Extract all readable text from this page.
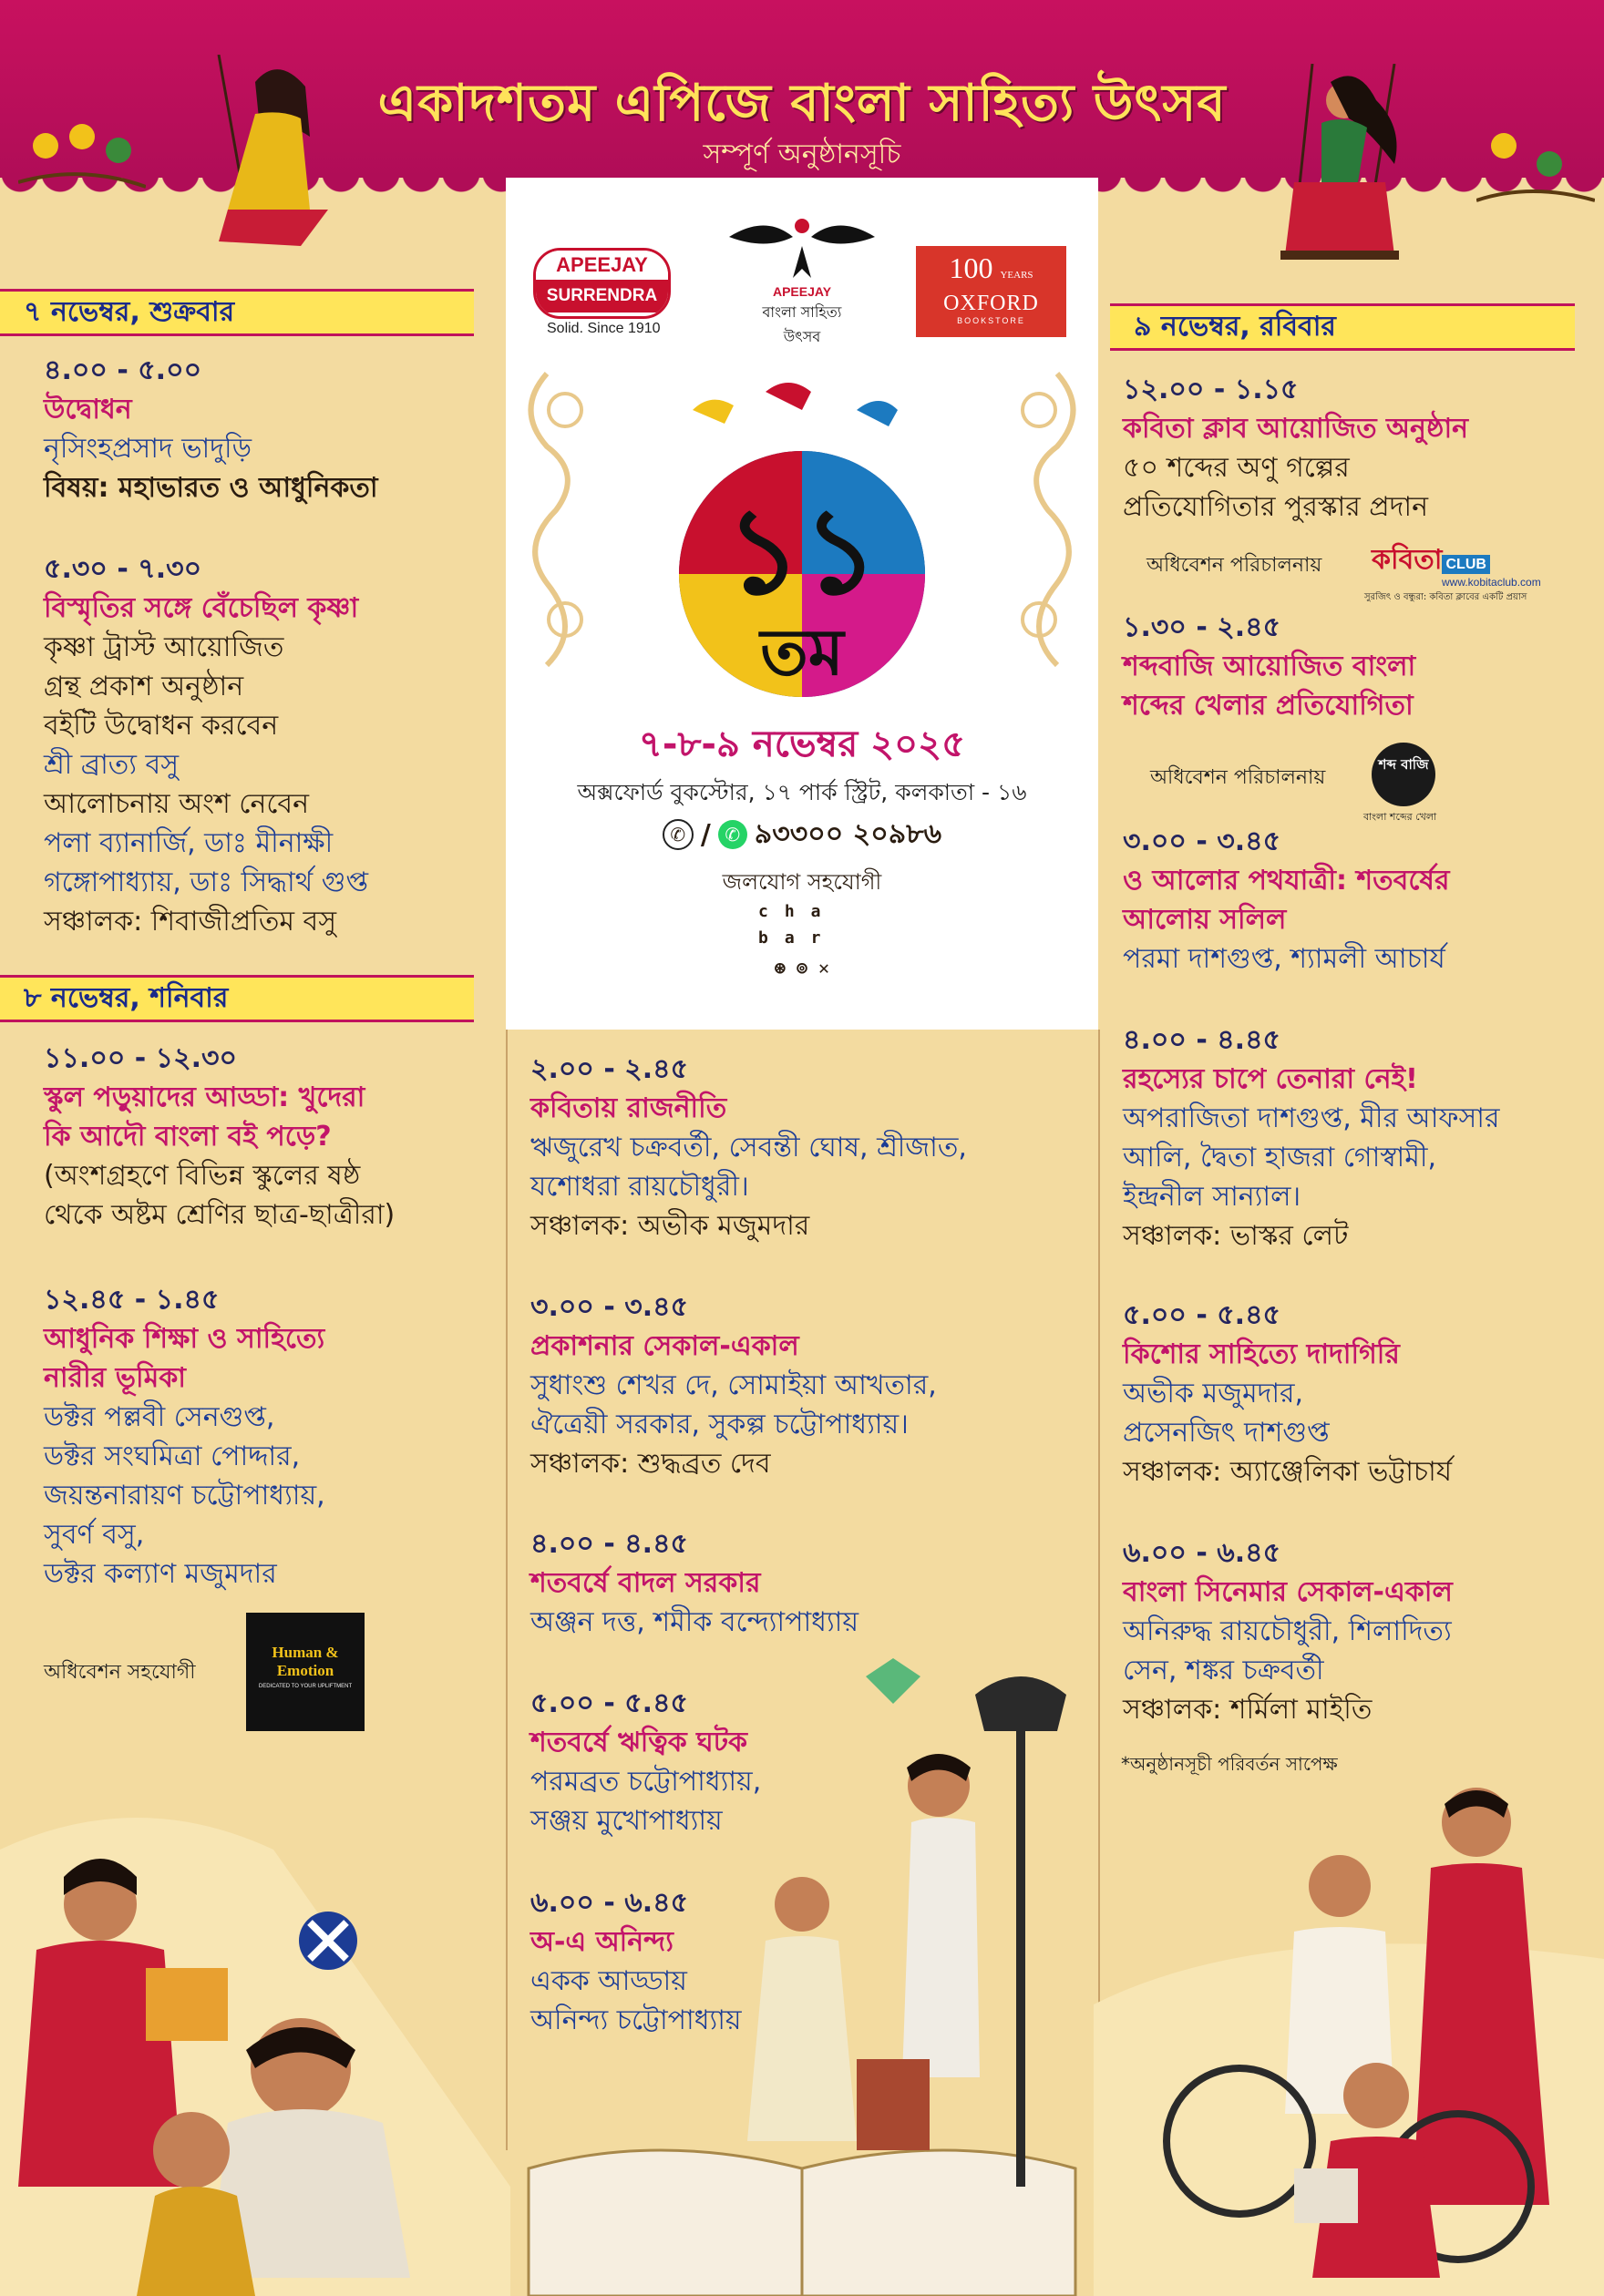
একাদশতম এপিজে বাংলা সাহিত্য উৎসব
সম্পূর্ণ অনুষ্ঠানসূচি
APEEJAY
SURRENDRA
Solid. Since 1910
APEEJAY
বাংলা সাহিত্য উৎসব
100 YEARS
OXFORD
BOOKSTORE
১১
তম
৭-৮-৯ নভেম্বর ২০২৫
অক্সফোর্ড বুকস্টোর, ১৭ পার্ক স্ট্রিট, কলকাতা - ১৬
✆ / ✆ ৯৩৩০০ ২০৯৮৬
জলযোগ সহযোগী
cha
bar
⊛ ⊚ ✕
৭ নভেম্বর, শুক্রবার
৪.০০ - ৫.০০
উদ্বোধন
নৃসিংহপ্রসাদ ভাদুড়ি
বিষয়: মহাভারত ও আধুনিকতা
৫.৩০ - ৭.৩০
বিস্মৃতির সঙ্গে বেঁচেছিল কৃষ্ণা
কৃষ্ণা ট্রাস্ট আয়োজিত
গ্রন্থ প্রকাশ অনুষ্ঠান
বইটি উদ্বোধন করবেন
শ্রী ব্রাত্য বসু
আলোচনায় অংশ নেবেন
পলা ব্যানার্জি, ডাঃ মীনাক্ষী
গঙ্গোপাধ্যায়, ডাঃ সিদ্ধার্থ গুপ্ত
সঞ্চালক: শিবাজীপ্রতিম বসু
৮ নভেম্বর, শনিবার
১১.০০ - ১২.৩০
স্কুল পড়ুয়াদের আড্ডা: খুদেরা
কি আদৌ বাংলা বই পড়ে?
(অংশগ্রহণে বিভিন্ন স্কুলের ষষ্ঠ
থেকে অষ্টম শ্রেণির ছাত্র-ছাত্রীরা)
১২.৪৫ - ১.৪৫
আধুনিক শিক্ষা ও সাহিত্যে
নারীর ভূমিকা
ডক্টর পল্লবী সেনগুপ্ত,
ডক্টর সংঘমিত্রা পোদ্দার,
জয়ন্তনারায়ণ চট্টোপাধ্যায়,
সুবর্ণ বসু,
ডক্টর কল্যাণ মজুমদার
অধিবেশন সহযোগী
Human &
Emotion
DEDICATED TO YOUR UPLIFTMENT
২.০০ - ২.৪৫
কবিতায় রাজনীতি
ঋজুরেখ চক্রবর্তী, সেবন্তী ঘোষ, শ্রীজাত,
যশোধরা রায়চৌধুরী।
সঞ্চালক: অভীক মজুমদার
৩.০০ - ৩.৪৫
প্রকাশনার সেকাল-একাল
সুধাংশু শেখর দে, সোমাইয়া আখতার,
ঐত্রেয়ী সরকার, সুকল্প চট্টোপাধ্যায়।
সঞ্চালক: শুদ্ধব্রত দেব
৪.০০ - ৪.৪৫
শতবর্ষে বাদল সরকার
অঞ্জন দত্ত, শমীক বন্দ্যোপাধ্যায়
৫.০০ - ৫.৪৫
শতবর্ষে ঋত্বিক ঘটক
পরমব্রত চট্টোপাধ্যায়,
সঞ্জয় মুখোপাধ্যায়
৬.০০ - ৬.৪৫
অ-এ অনিন্দ্য
একক আড্ডায়
অনিন্দ্য চট্টোপাধ্যায়
৯ নভেম্বর, রবিবার
১২.০০ - ১.১৫
কবিতা ক্লাব আয়োজিত অনুষ্ঠান
৫০ শব্দের অণু গল্পের
প্রতিযোগিতার পুরস্কার প্রদান
অধিবেশন পরিচালনায় কবিতা CLUB
www.kobitaclub.com
সুরজিৎ ও বন্ধুরা: কবিতা ক্লাবের একটি প্রয়াস
১.৩০ - ২.৪৫
শব্দবাজি আয়োজিত বাংলা
শব্দের খেলার প্রতিযোগিতা
অধিবেশন পরিচালনায়
শব্দ বাজি
বাংলা শব্দের খেলা
৩.০০ - ৩.৪৫
ও আলোর পথযাত্রী: শতবর্ষের
আলোয় সলিল
পরমা দাশগুপ্ত, শ্যামলী আচার্য
৪.০০ - ৪.৪৫
রহস্যের চাপে তেনারা নেই!
অপরাজিতা দাশগুপ্ত, মীর আফসার
আলি, দ্বৈতা হাজরা গোস্বামী,
ইন্দ্রনীল সান্যাল।
সঞ্চালক: ভাস্কর লেট
৫.০০ - ৫.৪৫
কিশোর সাহিত্যে দাদাগিরি
অভীক মজুমদার,
প্রসেনজিৎ দাশগুপ্ত
সঞ্চালক: অ্যাঞ্জেলিকা ভট্টাচার্য
৬.০০ - ৬.৪৫
বাংলা সিনেমার সেকাল-একাল
অনিরুদ্ধ রায়চৌধুরী, শিলাদিত্য
সেন, শঙ্কর চক্রবর্তী
সঞ্চালক: শর্মিলা মাইতি
*অনুষ্ঠানসূচী পরিবর্তন সাপেক্ষ
